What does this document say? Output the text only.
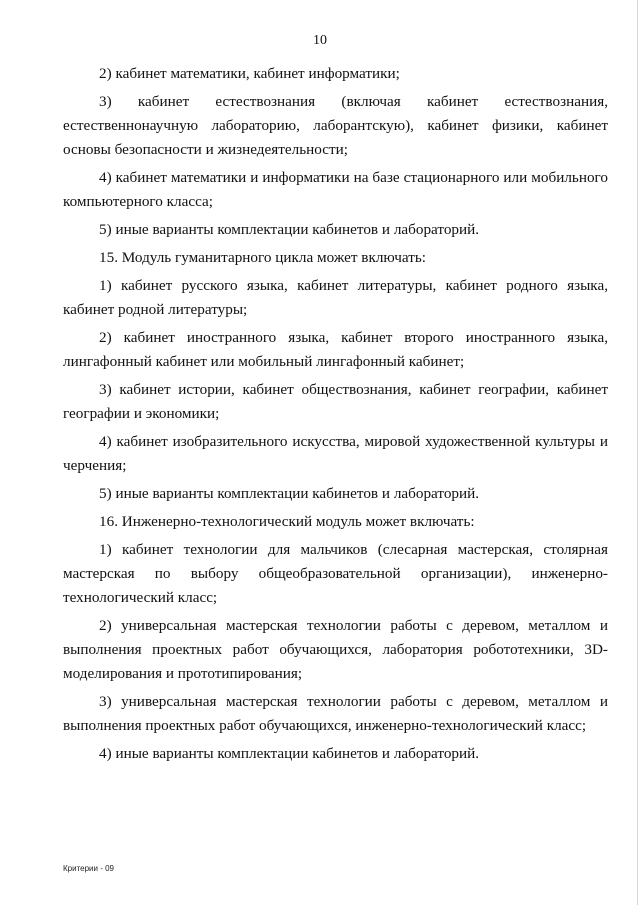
10

2) кабинет математики, кабинет информатики;

3) кабинет естествознания (включая кабинет естествознания, естественнонаучную лабораторию, лаборантскую), кабинет физики, кабинет основы безопасности и жизнедеятельности;

4) кабинет математики и информатики на базе стационарного или мобильного компьютерного класса;

5) иные варианты комплектации кабинетов и лабораторий.

15. Модуль гуманитарного цикла может включать:

1) кабинет русского языка, кабинет литературы, кабинет родного языка, кабинет родной литературы;

2) кабинет иностранного языка, кабинет второго иностранного языка, лингафонный кабинет или мобильный лингафонный кабинет;

3) кабинет истории, кабинет обществознания, кабинет географии, кабинет географии и экономики;

4) кабинет изобразительного искусства, мировой художественной культуры и черчения;

5) иные варианты комплектации кабинетов и лабораторий.

16. Инженерно-технологический модуль может включать:

1) кабинет технологии для мальчиков (слесарная мастерская, столярная мастерская по выбору общеобразовательной организации), инженерно-технологический класс;

2) универсальная мастерская технологии работы с деревом, металлом и выполнения проектных работ обучающихся, лаборатория робототехники, 3D-моделирования и прототипирования;

3) универсальная мастерская технологии работы с деревом, металлом и выполнения проектных работ обучающихся, инженерно-технологический класс;

4) иные варианты комплектации кабинетов и лабораторий.

Критерии - 09
